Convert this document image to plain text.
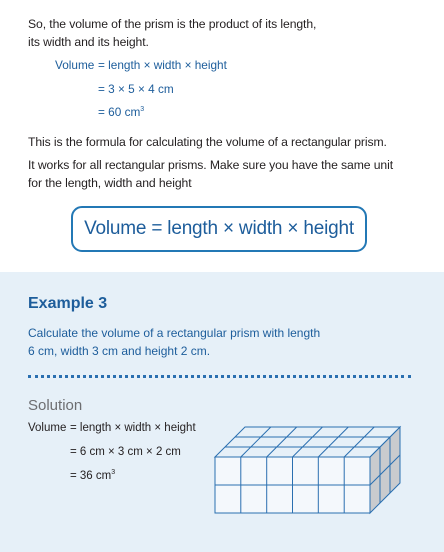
So, the volume of the prism is the product of its length,
its width and its height.
Volume = length × width × height
= 3 × 5 × 4 cm
= 60 $cm^3$
This is the formula for calculating the volume of a rectangular prism.
It works for all rectangular prisms. Make sure you have the same unit
for the length, width and height
Volume = length × width × height
Example 3
Calculate the volume of a rectangular prism with length
6 cm, width 3 cm and height 2 cm.
Solution
Volume = length × width × height
= 6 cm × 3 cm × 2 cm
= 36 $cm^3$
